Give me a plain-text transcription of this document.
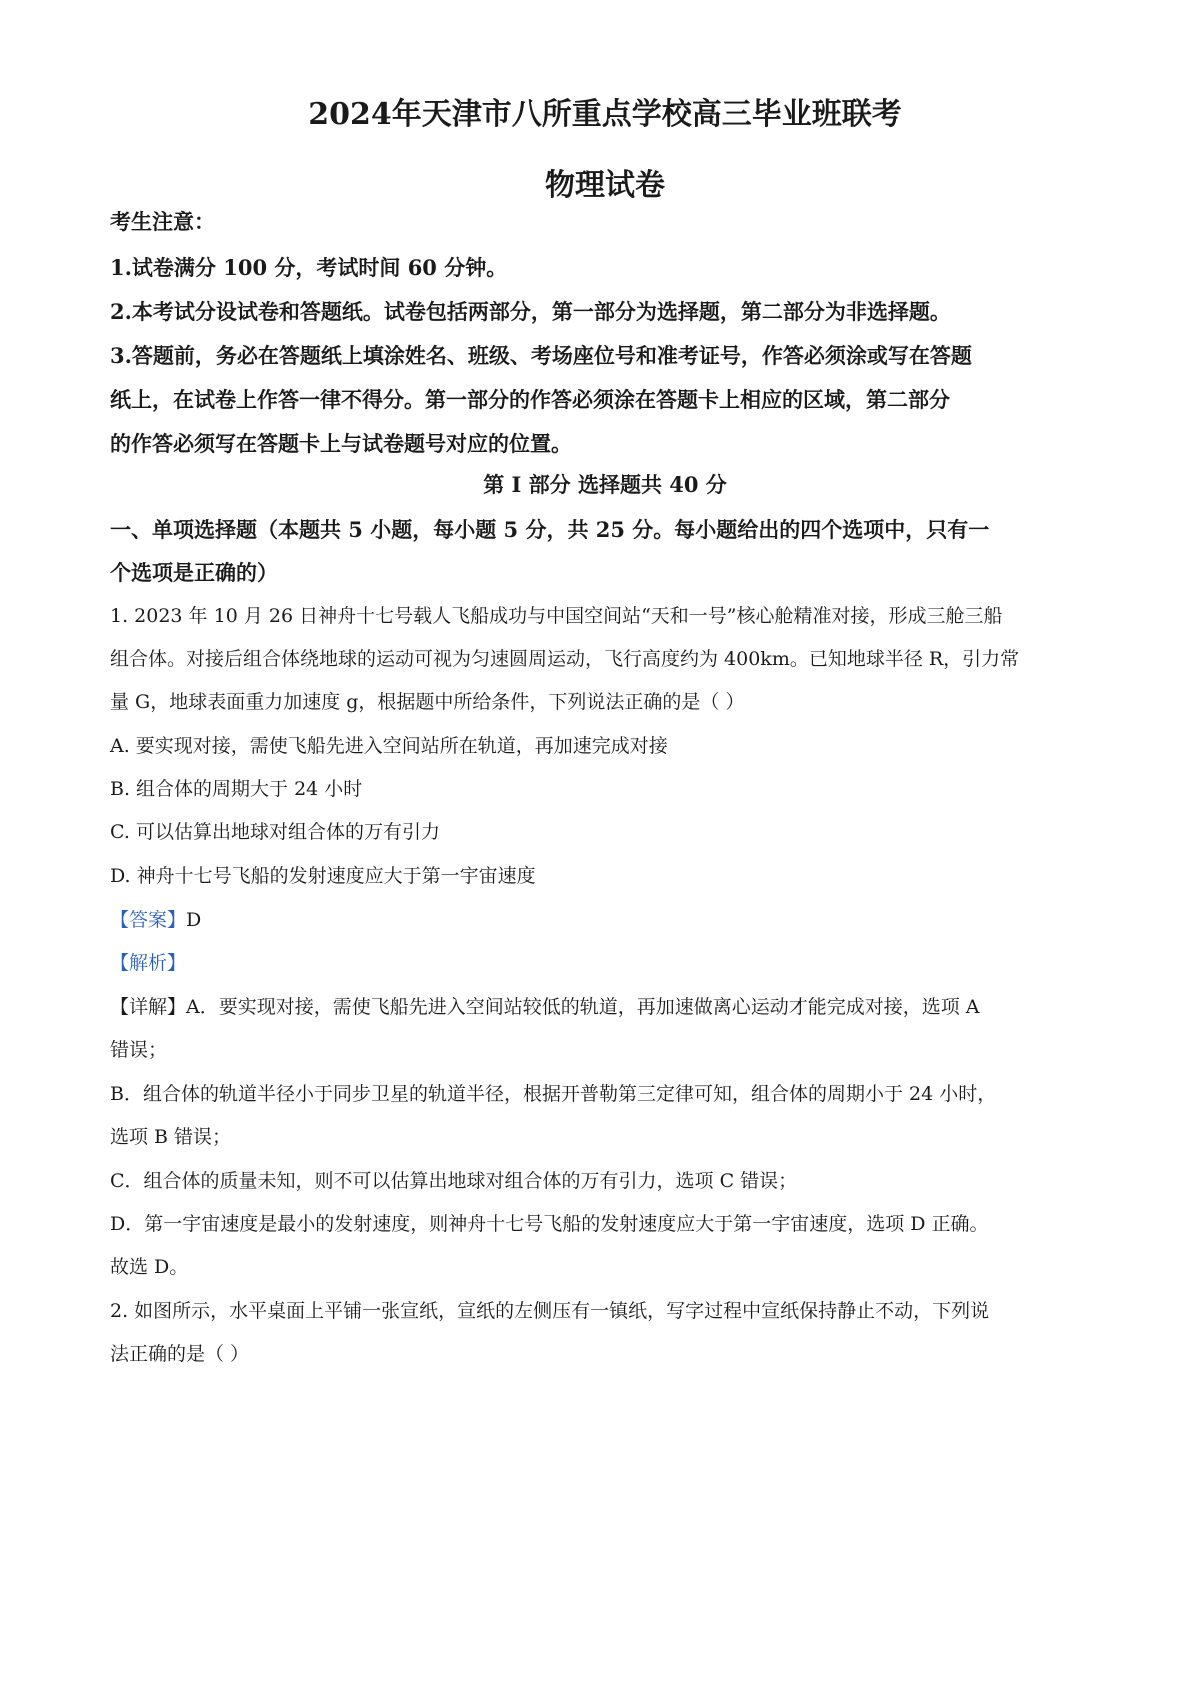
2024年天津市八所重点学校高三毕业班联考
物理试卷
考生注意：
1.试卷满分 100 分，考试时间 60 分钟。
2.本考试分设试卷和答题纸。试卷包括两部分，第一部分为选择题，第二部分为非选择题。
3.答题前，务必在答题纸上填涂姓名、班级、考场座位号和准考证号，作答必须涂或写在答题
纸上，在试卷上作答一律不得分。第一部分的作答必须涂在答题卡上相应的区域，第二部分
的作答必须写在答题卡上与试卷题号对应的位置。
第 I 部分 选择题共 40 分
一、单项选择题（本题共 5 小题，每小题 5 分，共 25 分。每小题给出的四个选项中，只有一
个选项是正确的）
1. 2023 年 10 月 26 日神舟十七号载人飞船成功与中国空间站“天和一号”核心舱精准对接，形成三舱三船
组合体。对接后组合体绕地球的运动可视为匀速圆周运动，飞行高度约为 400km。已知地球半径 R，引力常
量 G，地球表面重力加速度 g，根据题中所给条件，下列说法正确的是（ ）
A. 要实现对接，需使飞船先进入空间站所在轨道，再加速完成对接
B. 组合体的周期大于 24 小时
C. 可以估算出地球对组合体的万有引力
D. 神舟十七号飞船的发射速度应大于第一宇宙速度
【答案】D
【解析】
【详解】A．要实现对接，需使飞船先进入空间站较低的轨道，再加速做离心运动才能完成对接，选项 A
错误；
B．组合体的轨道半径小于同步卫星的轨道半径，根据开普勒第三定律可知，组合体的周期小于 24 小时，
选项 B 错误；
C．组合体的质量未知，则不可以估算出地球对组合体的万有引力，选项 C 错误；
D．第一宇宙速度是最小的发射速度，则神舟十七号飞船的发射速度应大于第一宇宙速度，选项 D 正确。
故选 D。
2. 如图所示，水平桌面上平铺一张宣纸，宣纸的左侧压有一镇纸，写字过程中宣纸保持静止不动，下列说
法正确的是（ ）
